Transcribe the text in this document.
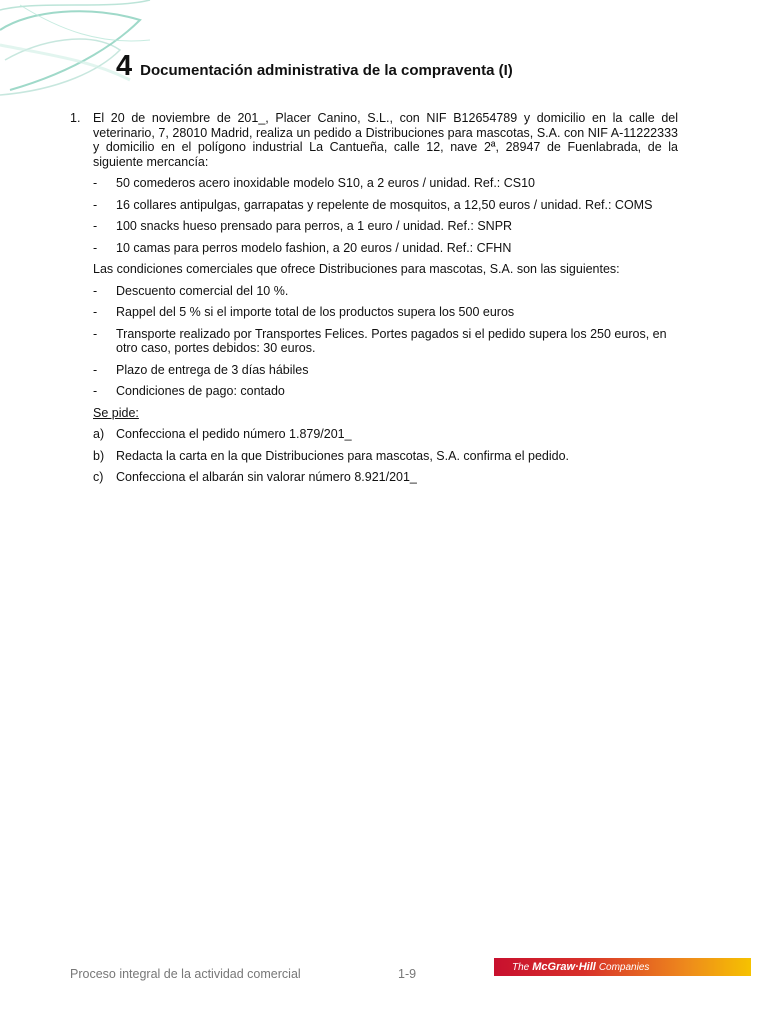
4 Documentación administrativa de la compraventa (I)
1.	El 20 de noviembre de 201_, Placer Canino, S.L., con NIF B12654789 y domicilio en la calle del veterinario, 7, 28010 Madrid, realiza un pedido a Distribuciones para mascotas, S.A. con NIF A-11222333 y domicilio en el polígono industrial La Cantueña, calle 12, nave 2ª, 28947 de Fuenlabrada, de la siguiente mercancía:
-	50 comederos acero inoxidable modelo S10, a 2 euros / unidad. Ref.: CS10
-	16 collares antipulgas, garrapatas y repelente de mosquitos, a 12,50 euros / unidad. Ref.: COMS
-	100 snacks hueso prensado para perros, a 1 euro / unidad. Ref.: SNPR
-	10 camas para perros modelo fashion, a 20 euros / unidad. Ref.: CFHN
Las condiciones comerciales que ofrece Distribuciones para mascotas, S.A. son las siguientes:
-	Descuento comercial del 10 %.
-	Rappel del 5 % si el importe total de los productos supera los 500 euros
-	Transporte realizado por Transportes Felices. Portes pagados si el pedido supera los 250 euros, en otro caso, portes debidos: 30 euros.
-	Plazo de entrega de 3 días hábiles
-	Condiciones de pago: contado
Se pide:
a) Confecciona el pedido número 1.879/201_
b) Redacta la carta en la que Distribuciones para mascotas, S.A. confirma el pedido.
c)	Confecciona el albarán sin valorar número 8.921/201_
Proceso integral de la actividad comercial	1-9	The McGraw·Hill Companies
